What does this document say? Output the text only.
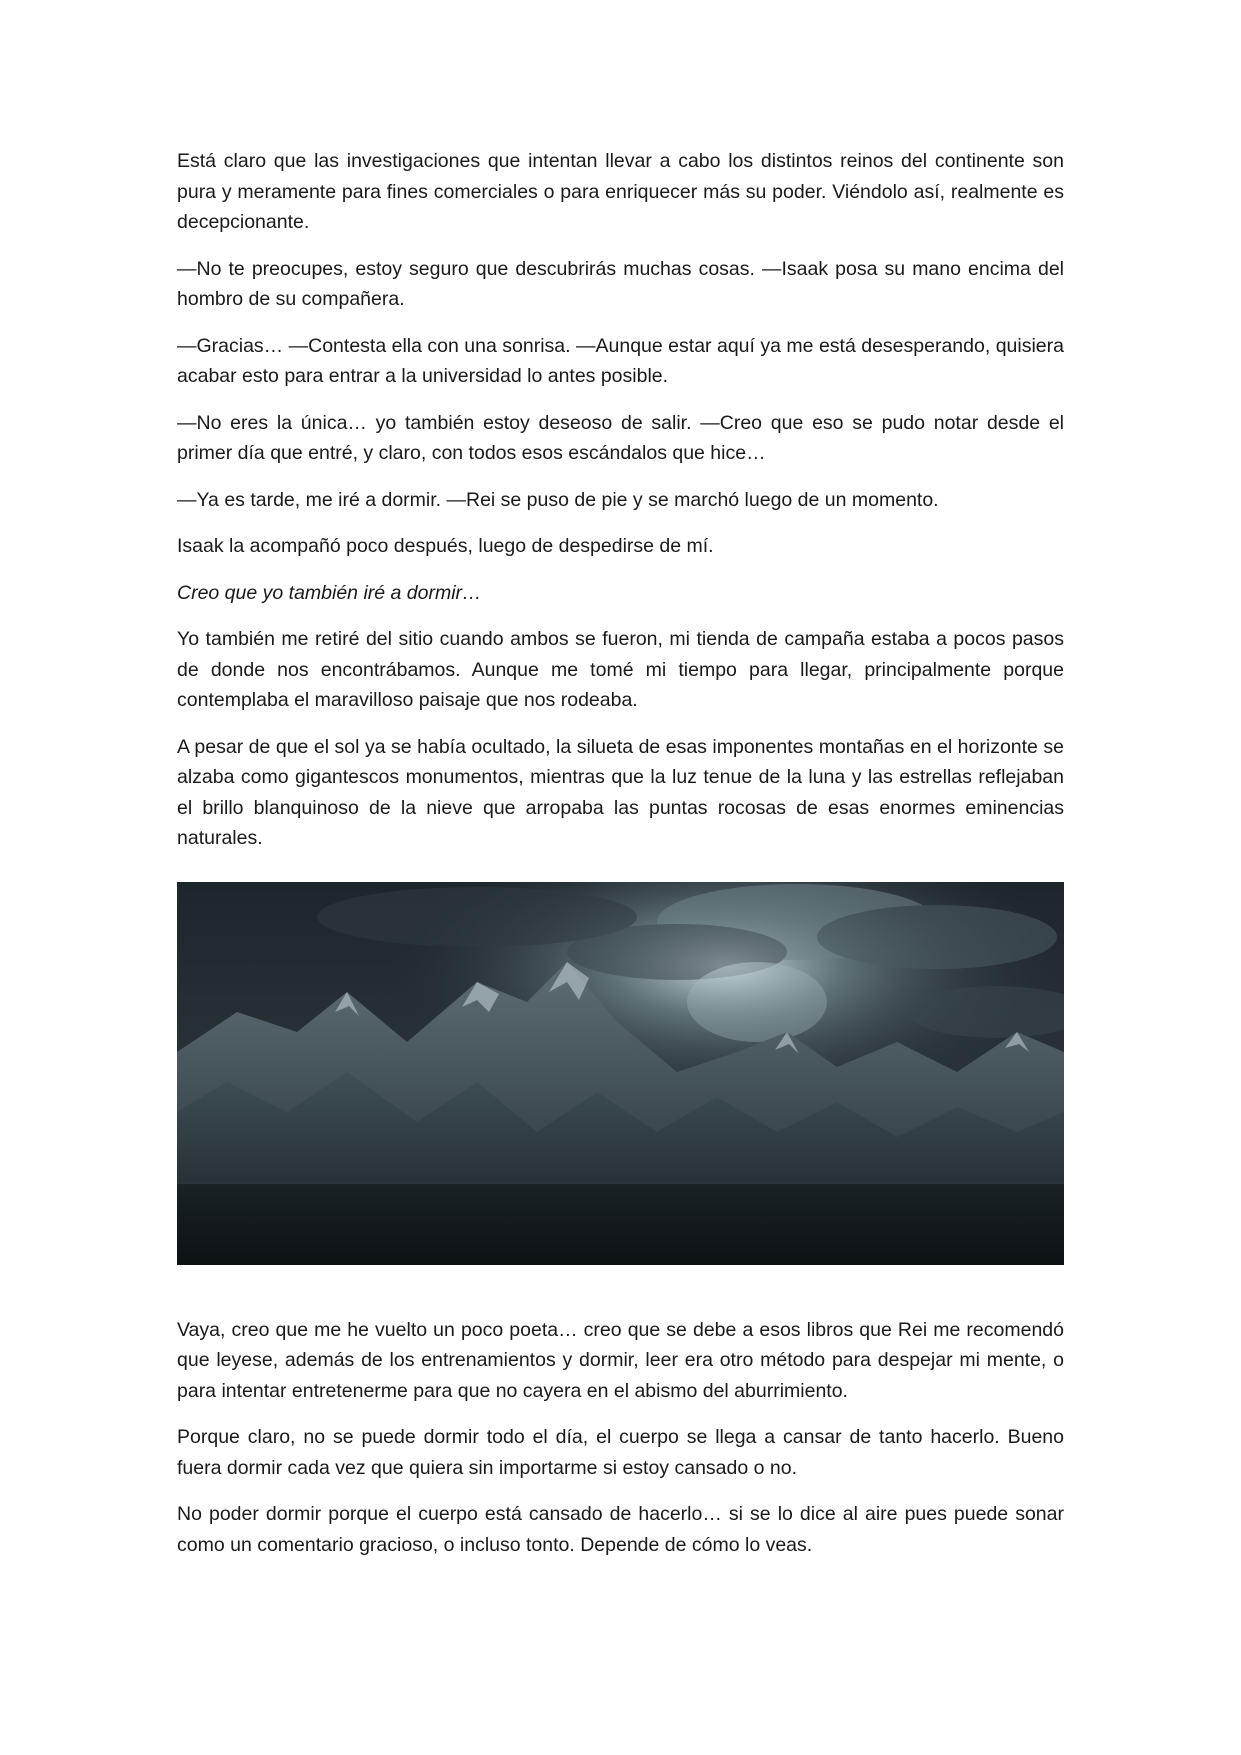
Está claro que las investigaciones que intentan llevar a cabo los distintos reinos del continente son pura y meramente para fines comerciales o para enriquecer más su poder. Viéndolo así, realmente es decepcionante.

—No te preocupes, estoy seguro que descubrirás muchas cosas. —Isaak posa su mano encima del hombro de su compañera.

—Gracias… —Contesta ella con una sonrisa. —Aunque estar aquí ya me está desesperando, quisiera acabar esto para entrar a la universidad lo antes posible.

—No eres la única… yo también estoy deseoso de salir. —Creo que eso se pudo notar desde el primer día que entré, y claro, con todos esos escándalos que hice…

—Ya es tarde, me iré a dormir. —Rei se puso de pie y se marchó luego de un momento.

Isaak la acompañó poco después, luego de despedirse de mí.

Creo que yo también iré a dormir…

Yo también me retiré del sitio cuando ambos se fueron, mi tienda de campaña estaba a pocos pasos de donde nos encontrábamos. Aunque me tomé mi tiempo para llegar, principalmente porque contemplaba el maravilloso paisaje que nos rodeaba.

A pesar de que el sol ya se había ocultado, la silueta de esas imponentes montañas en el horizonte se alzaba como gigantescos monumentos, mientras que la luz tenue de la luna y las estrellas reflejaban el brillo blanquinoso de la nieve que arropaba las puntas rocosas de esas enormes eminencias naturales.

Vaya, creo que me he vuelto un poco poeta… creo que se debe a esos libros que Rei me recomendó que leyese, además de los entrenamientos y dormir, leer era otro método para despejar mi mente, o para intentar entretenerme para que no cayera en el abismo del aburrimiento.

Porque claro, no se puede dormir todo el día, el cuerpo se llega a cansar de tanto hacerlo. Bueno fuera dormir cada vez que quiera sin importarme si estoy cansado o no.

No poder dormir porque el cuerpo está cansado de hacerlo… si se lo dice al aire pues puede sonar como un comentario gracioso, o incluso tonto. Depende de cómo lo veas.
